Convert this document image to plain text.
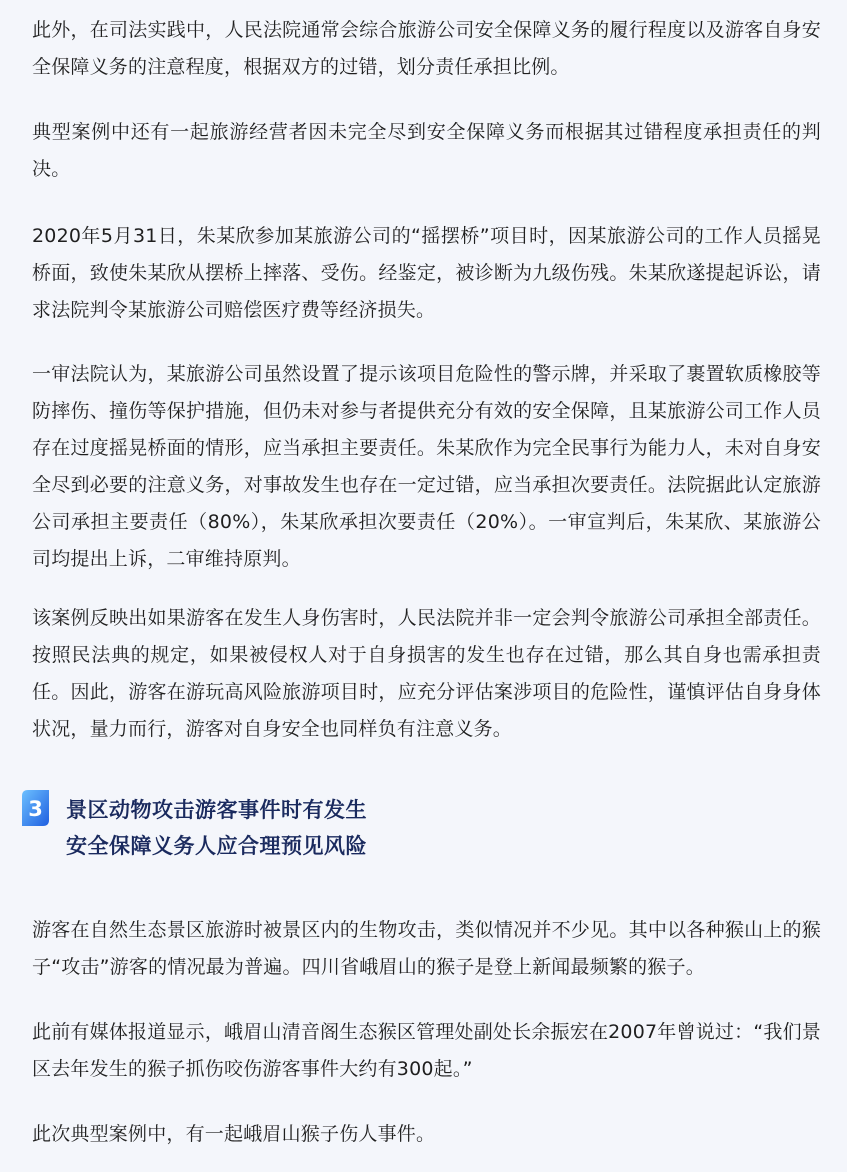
此外，在司法实践中，人民法院通常会综合旅游公司安全保障义务的履行程度以及游客自身安全保障义务的注意程度，根据双方的过错，划分责任承担比例。

典型案例中还有一起旅游经营者因未完全尽到安全保障义务而根据其过错程度承担责任的判决。

2020年5月31日，朱某欣参加某旅游公司的“摇摆桥”项目时，因某旅游公司的工作人员摇晃桥面，致使朱某欣从摆桥上摔落、受伤。经鉴定，被诊断为九级伤残。朱某欣遂提起诉讼，请求法院判令某旅游公司赔偿医疗费等经济损失。

一审法院认为，某旅游公司虽然设置了提示该项目危险性的警示牌，并采取了裹置软质橡胶等防摔伤、撞伤等保护措施，但仍未对参与者提供充分有效的安全保障，且某旅游公司工作人员存在过度摇晃桥面的情形，应当承担主要责任。朱某欣作为完全民事行为能力人，未对自身安全尽到必要的注意义务，对事故发生也存在一定过错，应当承担次要责任。法院据此认定旅游公司承担主要责任（80%），朱某欣承担次要责任（20%）。一审宣判后，朱某欣、某旅游公司均提出上诉，二审维持原判。

该案例反映出如果游客在发生人身伤害时，人民法院并非一定会判令旅游公司承担全部责任。按照民法典的规定，如果被侵权人对于自身损害的发生也存在过错，那么其自身也需承担责任。因此，游客在游玩高风险旅游项目时，应充分评估案涉项目的危险性，谨慎评估自身身体状况，量力而行，游客对自身安全也同样负有注意义务。

3 景区动物攻击游客事件时有发生
安全保障义务人应合理预见风险

游客在自然生态景区旅游时被景区内的生物攻击，类似情况并不少见。其中以各种猴山上的猴子“攻击”游客的情况最为普遍。四川省峨眉山的猴子是登上新闻最频繁的猴子。

此前有媒体报道显示，峨眉山清音阁生态猴区管理处副处长余振宏在2007年曾说过：“我们景区去年发生的猴子抓伤咬伤游客事件大约有300起。”

此次典型案例中，有一起峨眉山猴子伤人事件。
